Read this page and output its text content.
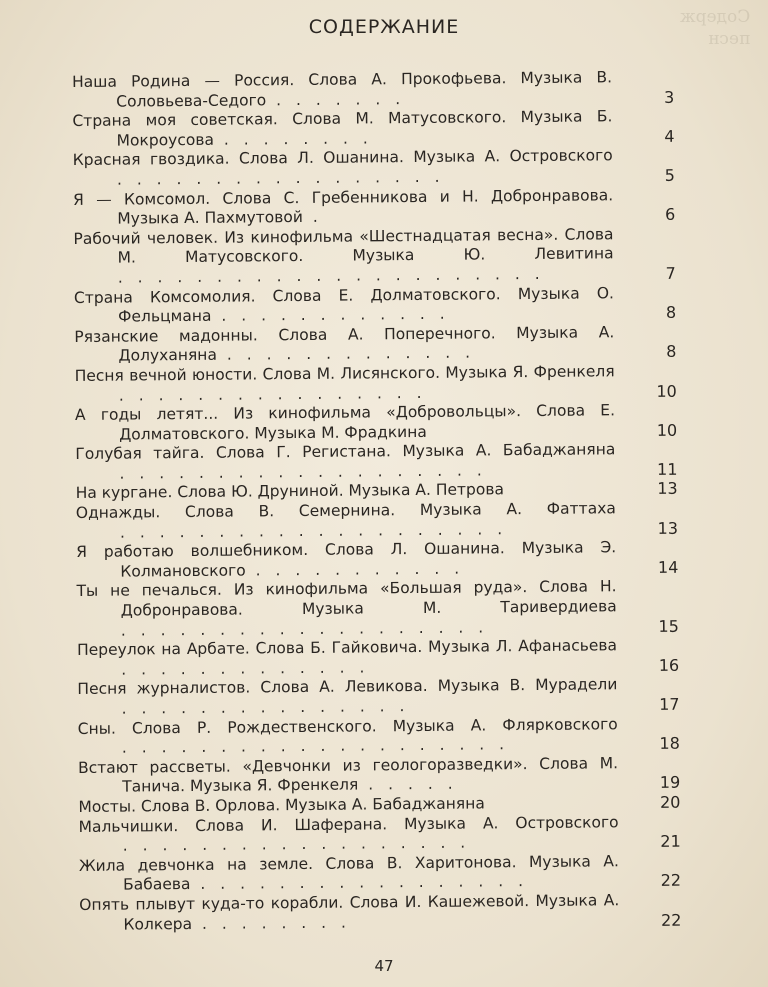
Содерж
песн
СОДЕРЖАНИЕ
Наша Родина — Россия. Слова А. Прокофьева. Музыка В. Соловьева-Седого . . . . . . .	3
Страна моя советская. Слова М. Матусовского. Музыка Б. Мокроусова . . . . . . . .	4
Красная гвоздика. Слова Л. Ошанина. Музыка А. Островского . . . . . . . . . . . . . . . . .	5
Я — Комсомол. Слова С. Гребенникова и Н. Добронравова. Музыка А. Пахмутовой .	6
Рабочий человек. Из кинофильма «Шестнадцатая весна». Слова М. Матусовского. Музыка Ю. Левитина . . . . . . . . . . . . . . . . . . . . . .	7
Страна Комсомолия. Слова Е. Долматовского. Музыка О. Фельцмана . . . . . . . . . . . .	8
Рязанские мадонны. Слова А. Поперечного. Музыка А. Долуханяна . . . . . . . . . . . . .	8
Песня вечной юности. Слова М. Лисянского. Музыка Я. Френкеля . . . . . . . . . . . . . . . .	10
А годы летят... Из кинофильма «Добровольцы». Слова Е. Долматовского. Музыка М. Фрадкина	10
Голубая тайга. Слова Г. Регистана. Музыка А. Бабаджаняна . . . . . . . . . . . . . . . . . . .	11
На кургане. Слова Ю. Друниной. Музыка А. Петрова	13
Однажды. Слова В. Семернина. Музыка А. Фаттаха . . . . . . . . . . . . . . . . . . . .	13
Я работаю волшебником. Слова Л. Ошанина. Музыка Э. Колмановского . . . . . . . . . . .	14
Ты не печалься. Из кинофильма «Большая руда». Слова Н. Добронравова. Музыка М. Таривердиева . . . . . . . . . . . . . . . . . . .	15
Переулок на Арбате. Слова Б. Гайковича. Музыка Л. Афанасьева . . . . . . . . . . . . .	16
Песня журналистов. Слова А. Левикова. Музыка В. Мурадели . . . . . . . . . . . . . . .	17
Сны. Слова Р. Рождественского. Музыка А. Флярковского . . . . . . . . . . . . . . . . . . . .	18
Встают рассветы. «Девчонки из геологоразведки». Слова М. Танича. Музыка Я. Френкеля . . . . .	19
Мосты. Слова В. Орлова. Музыка А. Бабаджаняна	20
Мальчишки. Слова И. Шаферана. Музыка А. Островского . . . . . . . . . . . . . . . . . .	21
Жила девчонка на земле. Слова В. Харитонова. Музыка А. Бабаева . . . . . . . . . . . . . . . . .	22
Опять плывут куда-то корабли. Слова И. Кашежевой. Музыка А. Колкера . . . . . . . .	22
47
